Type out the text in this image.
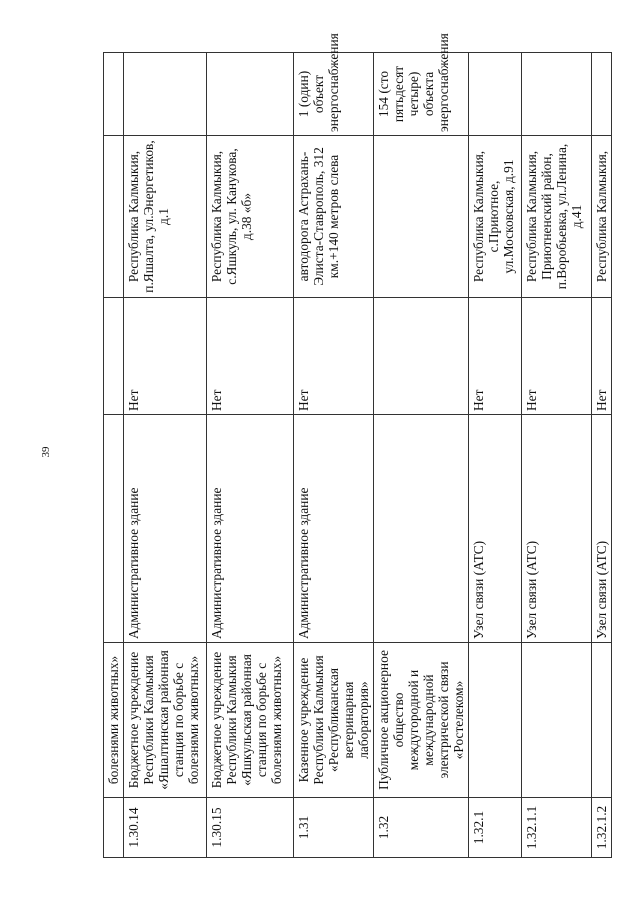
39
	болезнями животных»				
1.30.14	Бюджетное учреждение Республики Калмыкия «Яшалтинская районная станция по борьбе с болезнями животных»	Административное здание	Нет	Республика Калмыкия, п.Яшалта, ул.Энергетиков, д.1	
1.30.15	Бюджетное учреждение Республики Калмыкия «Яшкульская районная станция по борьбе с болезнями животных»	Административное здание	Нет	Республика Калмыкия, с.Яшкуль, ул. Канукова, д.38 «б»	
1.31	Казенное учреждение Республики Калмыкия «Республиканская ветеринарная лаборатория»	Административное здание	Нет	автодорога Астрахань-Элиста-Ставрополь, 312 км.+140 метров слева	1 (один) объект энергоснабжения
1.32	Публичное акционерное общество междугородной и международной электрической связи «Ростелеком»				154 (сто пятьдесят четыре) объекта энергоснабжения
1.32.1		Узел связи (АТС)	Нет	Республика Калмыкия, с.Приютное, ул.Московская, д.91	
1.32.1.1		Узел связи (АТС)	Нет	Республика Калмыкия, Приютненский район, п.Воробьевка, ул.Ленина, д.41	
1.32.1.2		Узел связи (АТС)	Нет	Республика Калмыкия,	
